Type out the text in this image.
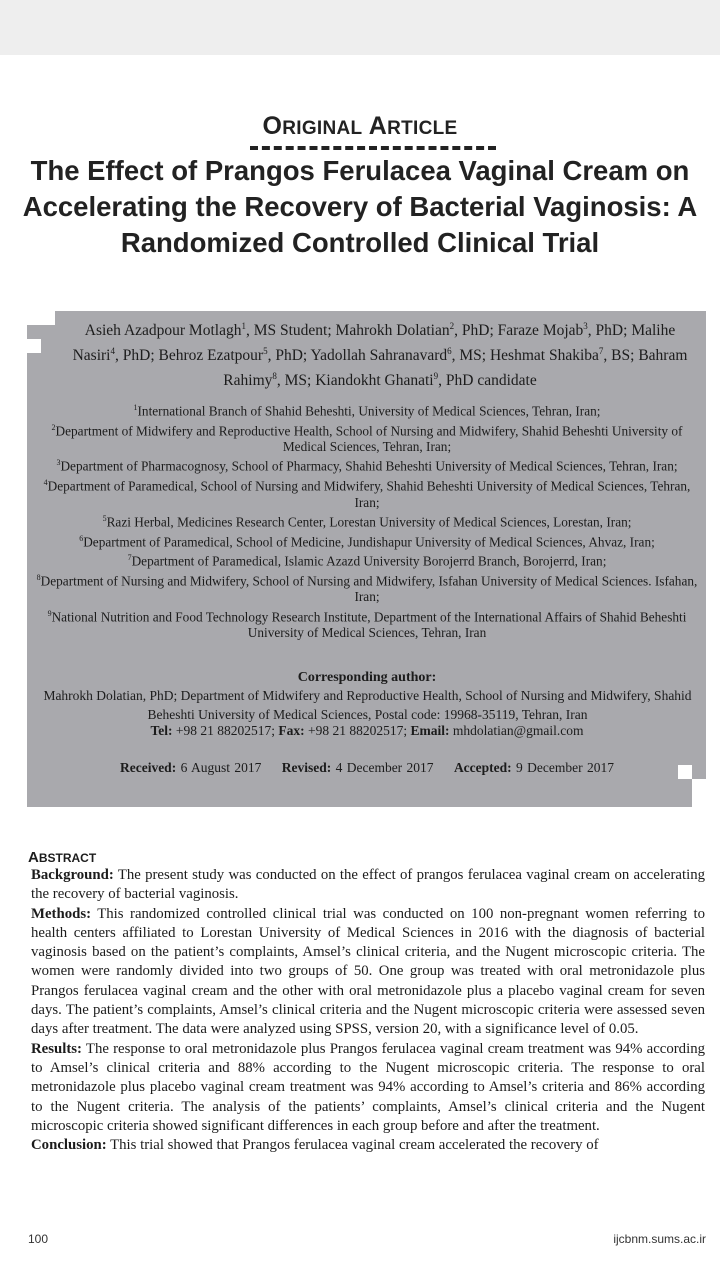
ORIGINAL ARTICLE
The Effect of Prangos Ferulacea Vaginal Cream on Accelerating the Recovery of Bacterial Vaginosis: A Randomized Controlled Clinical Trial
Asieh Azadpour Motlagh$^1$, MS Student; Mahrokh Dolatian$^2$, PhD; Faraze Mojab$^3$, PhD; Malihe Nasiri$^4$, PhD; Behroz Ezatpour$^5$, PhD; Yadollah Sahranavard$^6$, MS; Heshmat Shakiba$^7$, BS; Bahram Rahimy$^8$, MS; Kiandokht Ghanati$^9$, PhD candidate

$^1$International Branch of Shahid Beheshti, University of Medical Sciences, Tehran, Iran;

$^2$Department of Midwifery and Reproductive Health, School of Nursing and Midwifery, Shahid Beheshti University of Medical Sciences, Tehran, Iran;

$^3$Department of Pharmacognosy, School of Pharmacy, Shahid Beheshti University of Medical Sciences, Tehran, Iran;

$^4$Department of Paramedical, School of Nursing and Midwifery, Shahid Beheshti University of Medical Sciences, Tehran, Iran;

$^5$Razi Herbal, Medicines Research Center, Lorestan University of Medical Sciences, Lorestan, Iran;

$^6$Department of Paramedical, School of Medicine, Jundishapur University of Medical Sciences, Ahvaz, Iran;

$^7$Department of Paramedical, Islamic Azazd University Borojerrd Branch, Borojerrd, Iran;

$^8$Department of Nursing and Midwifery, School of Nursing and Midwifery, Isfahan University of Medical Sciences. Isfahan, Iran;

$^9$National Nutrition and Food Technology Research Institute, Department of the International Affairs of Shahid Beheshti University of Medical Sciences, Tehran, Iran

Corresponding author:
Mahrokh Dolatian, PhD; Department of Midwifery and Reproductive Health, School of Nursing and Midwifery, Shahid Beheshti University of Medical Sciences, Postal code: 19968-35119, Tehran, Iran
Tel: +98 21 88202517; Fax: +98 21 88202517; Email: mhdolatian@gmail.com
Received: 6 August 2017 Revised: 4 December 2017 Accepted: 9 December 2017
ABSTRACT

Background: The present study was conducted on the effect of prangos ferulacea vaginal cream on accelerating the recovery of bacterial vaginosis.

Methods: This randomized controlled clinical trial was conducted on 100 non-pregnant women referring to health centers affiliated to Lorestan University of Medical Sciences in 2016 with the diagnosis of bacterial vaginosis based on the patient’s complaints, Amsel’s clinical criteria, and the Nugent microscopic criteria. The women were randomly divided into two groups of 50. One group was treated with oral metronidazole plus Prangos ferulacea vaginal cream and the other with oral metronidazole plus a placebo vaginal cream for seven days. The patient’s complaints, Amsel’s clinical criteria and the Nugent microscopic criteria were assessed seven days after treatment. The data were analyzed using SPSS, version 20, with a significance level of 0.05.

Results: The response to oral metronidazole plus Prangos ferulacea vaginal cream treatment was 94% according to Amsel’s clinical criteria and 88% according to the Nugent microscopic criteria. The response to oral metronidazole plus placebo vaginal cream treatment was 94% according to Amsel’s criteria and 86% according to the Nugent criteria. The analysis of the patients’ complaints, Amsel’s clinical criteria and the Nugent microscopic criteria showed significant differences in each group before and after the treatment.

Conclusion: This trial showed that Prangos ferulacea vaginal cream accelerated the recovery of

100	ijcbnm.sums.ac.ir
